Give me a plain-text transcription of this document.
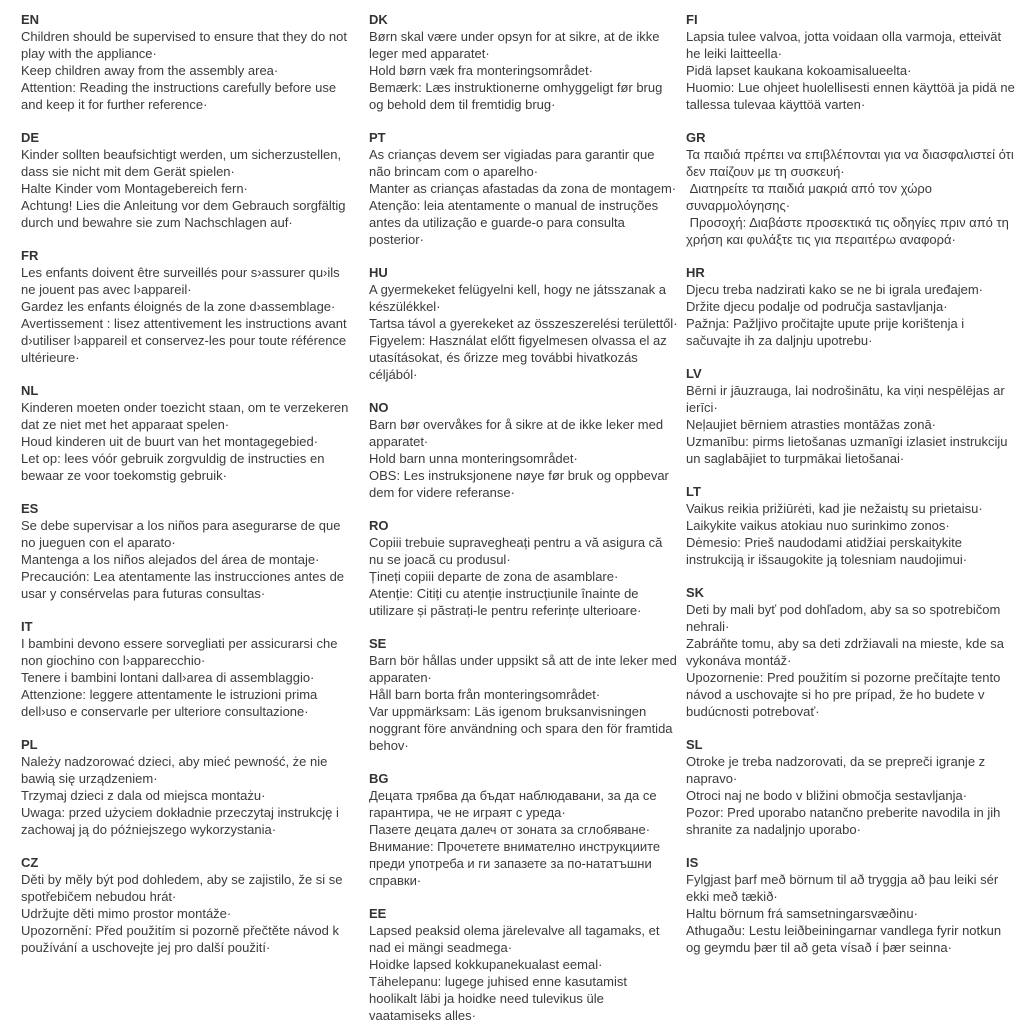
EN

Children should be supervised to ensure that they do not play with the appliance·

Keep children away from the assembly area·

Attention: Reading the instructions carefully before use and keep it for further reference·

DE

Kinder sollten beaufsichtigt werden, um sicherzustellen, dass sie nicht mit dem Gerät spielen·

Halte Kinder vom Montagebereich fern·

Achtung! Lies die Anleitung vor dem Gebrauch sorgfältig durch und bewahre sie zum Nachschlagen auf·

FR

Les enfants doivent être surveillés pour s›assurer qu›ils ne jouent pas avec l›appareil·

Gardez les enfants éloignés de la zone d›assemblage·

Avertissement : lisez attentivement les instructions avant d›utiliser l›appareil et conservez-les pour toute référence ultérieure·

NL

Kinderen moeten onder toezicht staan, om te verzekeren dat ze niet met het apparaat spelen·

Houd kinderen uit de buurt van het montagegebied·

Let op: lees vóór gebruik zorgvuldig de instructies en bewaar ze voor toekomstig gebruik·

ES

Se debe supervisar a los niños para asegurarse de que no jueguen con el aparato·

Mantenga a los niños alejados del área de montaje·

Precaución: Lea atentamente las instrucciones antes de usar y consérvelas para futuras consultas·

IT

I bambini devono essere sorvegliati per assicurarsi che non giochino con l›apparecchio·

Tenere i bambini lontani dall›area di assemblaggio·

Attenzione: leggere attentamente le istruzioni prima dell›uso e conservarle per ulteriore consultazione·

PL

Należy nadzorować dzieci, aby mieć pewność, że nie bawią się urządzeniem·

Trzymaj dzieci z dala od miejsca montażu·

Uwaga: przed użyciem dokładnie przeczytaj instrukcję i zachowaj ją do późniejszego wykorzystania·

CZ

Děti by měly být pod dohledem, aby se zajistilo, že si se spotřebičem nebudou hrát·

Udržujte děti mimo prostor montáže·

Upozornění: Před použitím si pozorně přečtěte návod k používání a uschovejte jej pro další použití·

DK

Børn skal være under opsyn for at sikre, at de ikke leger med apparatet·

Hold børn væk fra monteringsområdet·

Bemærk: Læs instruktionerne omhyggeligt før brug og behold dem til fremtidig brug·

PT

As crianças devem ser vigiadas para garantir que não brincam com o aparelho·

Manter as crianças afastadas da zona de montagem·

Atenção: leia atentamente o manual de instruções antes da utilização e guarde-o para consulta posterior·

HU

A gyermekeket felügyelni kell, hogy ne játsszanak a készülékkel·

Tartsa távol a gyerekeket az összeszerelési területtől·

Figyelem: Használat előtt figyelmesen olvassa el az utasításokat, és őrizze meg további hivatkozás céljából·

NO

Barn bør overvåkes for å sikre at de ikke leker med apparatet·

Hold barn unna monteringsområdet·

OBS: Les instruksjonene nøye før bruk og oppbevar dem for videre referanse·

RO

Copiii trebuie supravegheați pentru a vă asigura că nu se joacă cu produsul·

Țineți copiii departe de zona de asamblare·

Atenție: Citiți cu atenție instrucțiunile înainte de utilizare și păstrați-le pentru referințe ulterioare·

SE

Barn bör hållas under uppsikt så att de inte leker med apparaten·

Håll barn borta från monteringsområdet·

Var uppmärksam: Läs igenom bruksanvisningen noggrant före användning och spara den för framtida behov·

BG

Децата трябва да бъдат наблюдавани, за да се гарантира, че не играят с уреда·

Пазете децата далеч от зоната за сглобяване·

Внимание: Прочетете внимателно инструкциите преди употреба и ги запазете за по-нататъшни справки·

EE

Lapsed peaksid olema järelevalve all tagamaks, et nad ei mängi seadmega·

Hoidke lapsed kokkupanekualast eemal·

Tähelepanu: lugege juhised enne kasutamist hoolikalt läbi ja hoidke need tulevikus üle vaatamiseks alles·

FI

Lapsia tulee valvoa, jotta voidaan olla varmoja, etteivät he leiki laitteella·

Pidä lapset kaukana kokoamisalueelta·

Huomio: Lue ohjeet huolellisesti ennen käyttöä ja pidä ne tallessa tulevaa käyttöä varten·

GR

Τα παιδιά πρέπει να επιβλέπονται για να διασφαλιστεί ότι δεν παίζουν με τη συσκευή·

Διατηρείτε τα παιδιά μακριά από τον χώρο συναρμολόγησης·

Προσοχή: Διαβάστε προσεκτικά τις οδηγίες πριν από τη χρήση και φυλάξτε τις για περαιτέρω αναφορά·

HR

Djecu treba nadzirati kako se ne bi igrala uređajem·

Držite djecu podalje od područja sastavljanja·

Pažnja: Pažljivo pročitajte upute prije korištenja i sačuvajte ih za daljnju upotrebu·

LV

Bērni ir jāuzrauga, lai nodrošinātu, ka viņi nespēlējas ar ierīci·

Neļaujiet bērniem atrasties montāžas zonā·

Uzmanību: pirms lietošanas uzmanīgi izlasiet instrukciju un saglabājiet to turpmākai lietošanai·

LT

Vaikus reikia prižiūrėti, kad jie nežaistų su prietaisu·

Laikykite vaikus atokiau nuo surinkimo zonos·

Dėmesio: Prieš naudodami atidžiai perskaitykite instrukciją ir išsaugokite ją tolesniam naudojimui·

SK

Deti by mali byť pod dohľadom, aby sa so spotrebičom nehrali·

Zabráňte tomu, aby sa deti zdržiavali na mieste, kde sa vykonáva montáž·

Upozornenie: Pred použitím si pozorne prečítajte tento návod a uschovajte si ho pre prípad, že ho budete v budúcnosti potrebovať·

SL

Otroke je treba nadzorovati, da se prepreči igranje z napravo·

Otroci naj ne bodo v bližini območja sestavljanja·

Pozor: Pred uporabo natančno preberite navodila in jih shranite za nadaljnjo uporabo·

IS

Fylgjast þarf með börnum til að tryggja að þau leiki sér ekki með tækið·

Haltu börnum frá samsetningarsvæðinu·

Athugaðu: Lestu leiðbeiningarnar vandlega fyrir notkun og geymdu þær til að geta vísað í þær seinna·
